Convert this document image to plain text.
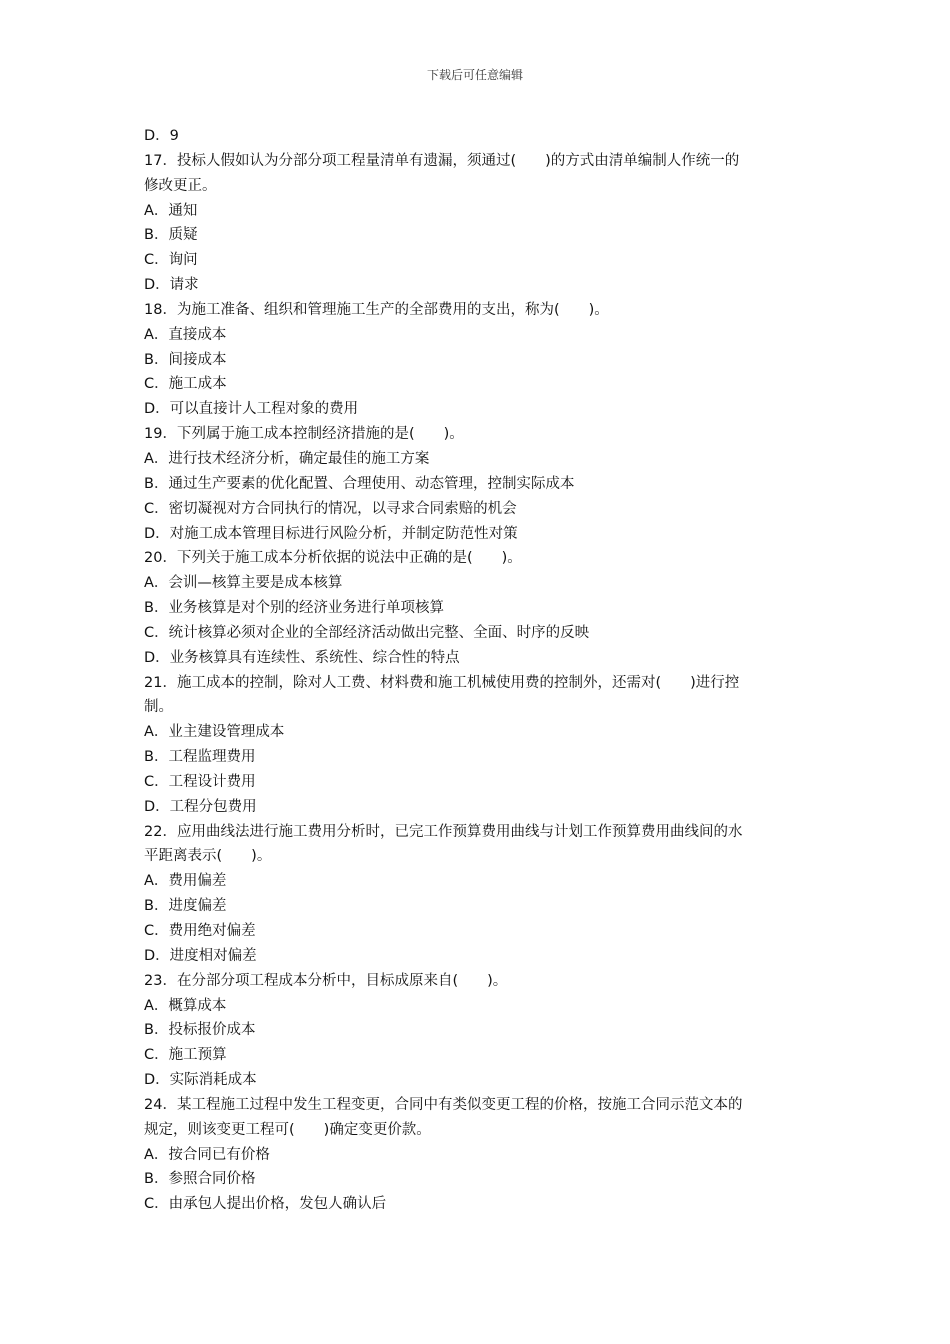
下载后可任意编辑
D．9
17．投标人假如认为分部分项工程量清单有遗漏，须通过(　　)的方式由清单编制人作统一的
修改更正。
A．通知
B．质疑
C．询问
D．请求
18．为施工准备、组织和管理施工生产的全部费用的支出，称为(　　)。
A．直接成本
B．间接成本
C．施工成本
D．可以直接计人工程对象的费用
19．下列属于施工成本控制经济措施的是(　　)。
A．进行技术经济分析，确定最佳的施工方案
B．通过生产要素的优化配置、合理使用、动态管理，控制实际成本
C．密切凝视对方合同执行的情况，以寻求合同索赔的机会
D．对施工成本管理目标进行风险分析，并制定防范性对策
20．下列关于施工成本分析依据的说法中正确的是(　　)。
A．会训—核算主要是成本核算
B．业务核算是对个别的经济业务进行单项核算
C．统计核算必须对企业的全部经济活动做出完整、全面、时序的反映
D．业务核算具有连续性、系统性、综合性的特点
21．施工成本的控制，除对人工费、材料费和施工机械使用费的控制外，还需对(　　)进行控
制。
A．业主建设管理成本
B．工程监理费用
C．工程设计费用
D．工程分包费用
22．应用曲线法进行施工费用分析时，已完工作预算费用曲线与计划工作预算费用曲线间的水
平距离表示(　　)。
A．费用偏差
B．进度偏差
C．费用绝对偏差
D．进度相对偏差
23．在分部分项工程成本分析中，目标成原来自(　　)。
A．概算成本
B．投标报价成本
C．施工预算
D．实际消耗成本
24．某工程施工过程中发生工程变更，合同中有类似变更工程的价格，按施工合同示范文本的
规定，则该变更工程可(　　)确定变更价款。
A．按合同已有价格
B．参照合同价格
C．由承包人提出价格，发包人确认后
